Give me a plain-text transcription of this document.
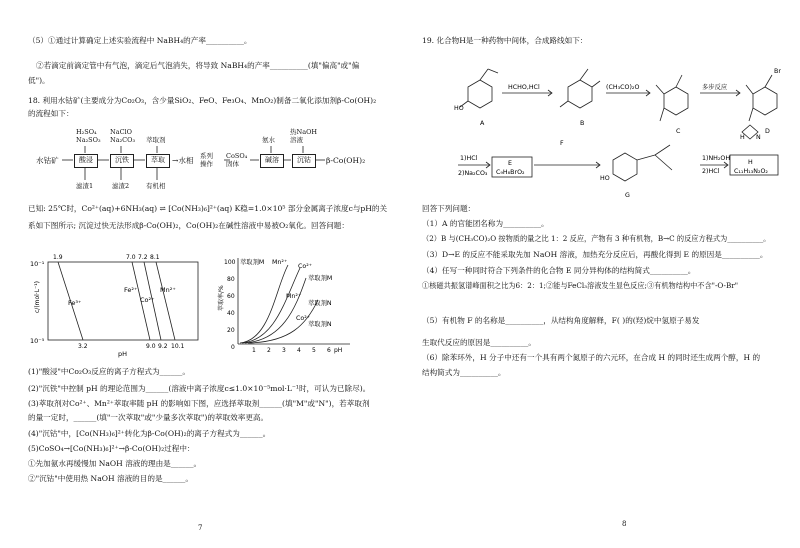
（5）①通过计算确定上述实验流程中 NaBH₄的产率__________。
②若滴定前滴定管中有气泡，滴定后气泡消失，将导致 NaBH₄的产率__________(填"偏高"或"偏
低")。
18. 利用水钴矿(主要成分为Co₂O₃，含少量SiO₂、FeO、Fe₃O₄、MnO₂)制备二氧化添加剂β-Co(OH)₂
的流程如下：
H₂SO₄
Na₂SO₃
NaClO
Na₂CO₃ 萃取剂	氨水
热NaOH
溶液
水钴矿	酸浸	沉铁	萃取 →水相 系列
操作
CoSO₄
固体	碱溶	沉钴	β-Co(OH)₂
滤渣1	滤渣2	有机相
已知: 25℃时，Co²⁺(aq)+6NH₃(aq) ⇌ [Co(NH₃)₆]²⁺(aq) K稳=1.0×10⁵ 部分金属离子浓度c与pH的关
系如下图所示; 沉淀过快无法形成β-Co(OH)₂，Co(OH)₂在碱性溶液中易被O₂氧化。回答问题：
10⁻¹
10⁻⁵
c/(mol·L⁻¹)
pH
1.9	7.0 7.2 8.1
3.2	9.0 9.2 10.1
Fe³⁺
Fe²⁺
Co²⁺
Mn²⁺	萃取率/%
100
80
60
40
20
0	1 2 3 4 5 6 pH
萃取剂M Mn²⁺
Co²⁺
萃取剂M
Mn²⁺
萃取剂N
Co²⁺
萃取剂N
(1)"酸浸"中Co₂O₃反应的离子方程式为______。
(2)"沉铁"中控制 pH 的理论范围为______(溶液中离子浓度c≤1.0×10⁻⁵mol·L⁻¹时，可认为已除尽)。
(3)萃取剂对Co²⁺、Mn²⁺萃取率随 pH 的影响如下图，应选择萃取剂______(填"M"或"N")，若萃取剂
的量一定时，______(填"一次萃取"或"少量多次萃取")的萃取效率更高。
(4)"沉钴"中，[Co(NH₃)₆]²⁺转化为β-Co(OH)₂的离子方程式为______。
(5)CoSO₄→[Co(NH₃)₆]²⁺→β-Co(OH)₂过程中：
①先加氨水再缓慢加 NaOH 溶液的理由是______。
②"沉钴"中使用热 NaOH 溶液的目的是______。
7
19. 化合物H是一种药物中间体，合成路线如下：
HO
HCHO,HCl	(CH₃CO)₂O	多步反应
Br
A	B
C	D
1)HCl
2)Na₂CO₃
E
C₉H₈BrO₂
F
HO
G
1)NH₂OH
2)HCl
H
C₁₁H₁₃N₂O₂
H N
回答下列问题：
（1）A 的官能团名称为__________。
（2）B 与(CH₃CO)₂O 按物质的量之比 1：2 反应，产物有 3 种有机物，B→C 的反应方程式为__________。
（3）D→E 的反应不能采取先加 NaOH 溶液，加热充分反应后，再酸化得到 E 的原因是__________。
（4）任写一种同时符合下列条件的化合物 E 同分异构体的结构简式__________。
①核磁共振氢谱峰面积之比为6：2：1;②能与FeCl₃溶液发生显色反应;③有机物结构中不含"-O-Br"
（5）有机物 F 的名称是__________，从结构角度解释，F( )的(羟)烷中氢原子易发
生取代反应的原因是__________。
（6）除苯环外，H 分子中还有一个具有两个氮原子的六元环，在合成 H 的同时还生成两个醇，H 的
结构简式为__________。
8
